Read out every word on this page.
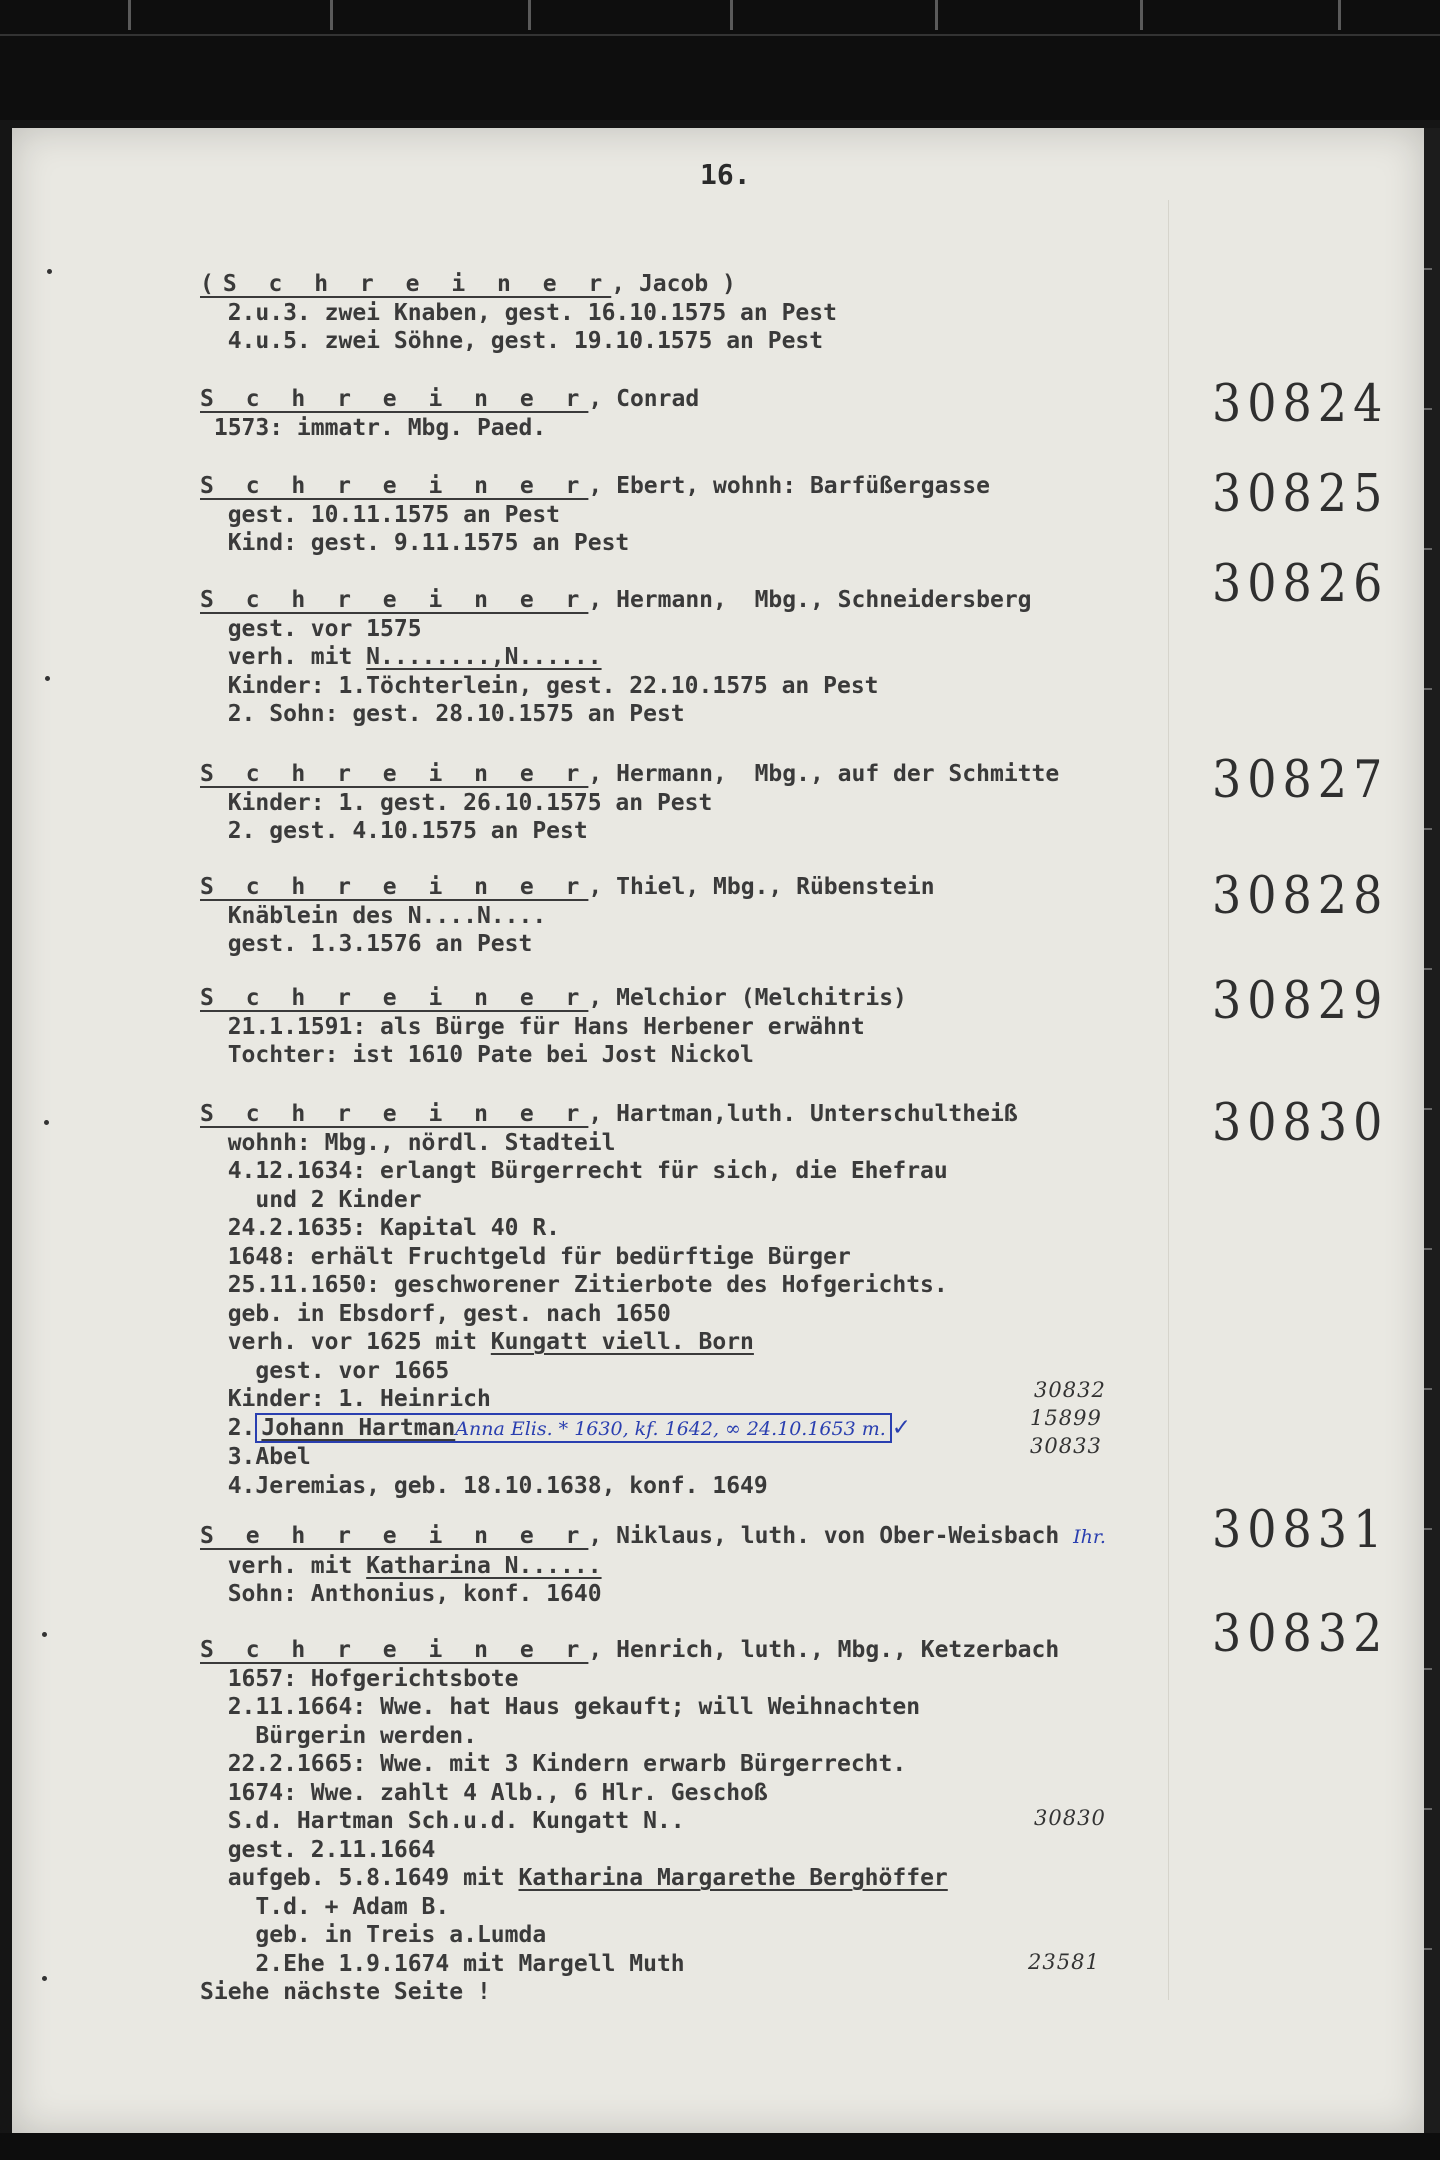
16.
(S c h r e i n e r, Jacob )
2.u.3. zwei Knaben, gest. 16.10.1575 an Pest
4.u.5. zwei Söhne, gest. 19.10.1575 an Pest
30824
S c h r e i n e r, Conrad
1573: immatr. Mbg. Paed.
30825
S c h r e i n e r, Ebert, wohnh: Barfüßergasse
gest. 10.11.1575 an Pest
Kind: gest. 9.11.1575 an Pest
30826
S c h r e i n e r, Hermann,  Mbg., Schneidersberg
gest. vor 1575
verh. mit N........,N......
Kinder: 1.Töchterlein, gest. 22.10.1575 an Pest
2. Sohn: gest. 28.10.1575 an Pest
30827
S c h r e i n e r, Hermann,  Mbg., auf der Schmitte
Kinder: 1. gest. 26.10.1575 an Pest
2. gest. 4.10.1575 an Pest
30828
S c h r e i n e r, Thiel, Mbg., Rübenstein
Knäblein des N....N....
gest. 1.3.1576 an Pest
30829
S c h r e i n e r, Melchior (Melchitris)
21.1.1591: als Bürge für Hans Herbener erwähnt
Tochter: ist 1610 Pate bei Jost Nickol
30830
S c h r e i n e r, Hartman,luth. Unterschultheiß
wohnh: Mbg., nördl. Stadteil
4.12.1634: erlangt Bürgerrecht für sich, die Ehefrau
und 2 Kinder
24.2.1635: Kapital 40 R.
1648: erhält Fruchtgeld für bedürftige Bürger
25.11.1650: geschworener Zitierbote des Hofgerichts.
geb. in Ebsdorf, gest. nach 1650
verh. vor 1625 mit Kungatt viell. Born
gest. vor 1665
Kinder: 1. Heinrich
2. Johann HartmanAnna Elis. * 1630, kf. 1642, ∞ 24.10.1653 m. ✓
3.Abel
4.Jeremias, geb. 18.10.1638, konf. 1649
30832
15899
30833
30831
S e h r e i n e r, Niklaus, luth. von Ober-Weisbach Ihr.
verh. mit Katharina N......
Sohn: Anthonius, konf. 1640
30832
S c h r e i n e r, Henrich, luth., Mbg., Ketzerbach
1657: Hofgerichtsbote
2.11.1664: Wwe. hat Haus gekauft; will Weihnachten
Bürgerin werden.
22.2.1665: Wwe. mit 3 Kindern erwarb Bürgerrecht.
1674: Wwe. zahlt 4 Alb., 6 Hlr. Geschoß
S.d. Hartman Sch.u.d. Kungatt N..
gest. 2.11.1664
aufgeb. 5.8.1649 mit Katharina Margarethe Berghöffer
T.d. + Adam B.
geb. in Treis a.Lumda
2.Ehe 1.9.1674 mit Margell Muth
Siehe nächste Seite !
30830
23581
